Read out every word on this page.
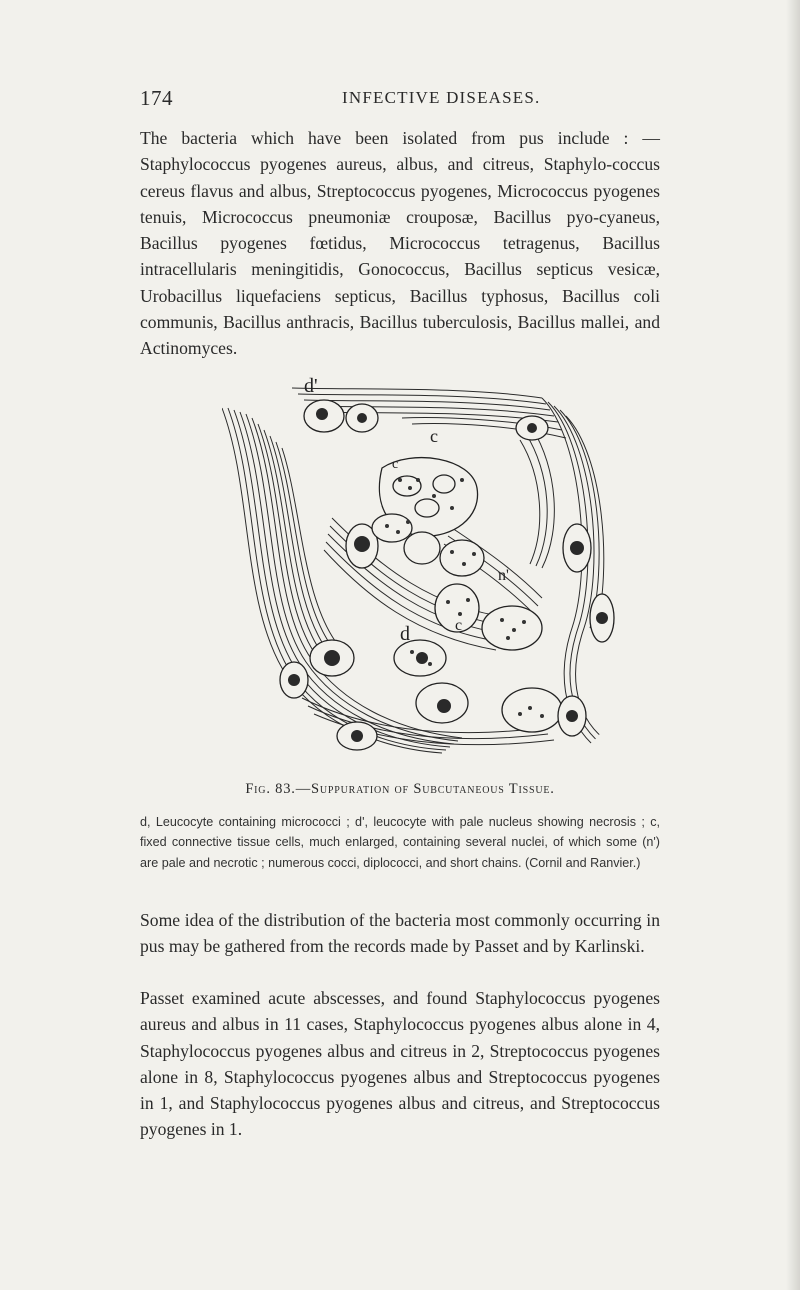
174	INFECTIVE DISEASES.

The bacteria which have been isolated from pus include : — Staphylococcus pyogenes aureus, albus, and citreus, Staphylo-coccus cereus flavus and albus, Streptococcus pyogenes, Micrococcus pyogenes tenuis, Micrococcus pneumoniæ crouposæ, Bacillus pyo-cyaneus, Bacillus pyogenes fœtidus, Micrococcus tetragenus, Bacillus intracellularis meningitidis, Gonococcus, Bacillus septicus vesicæ, Urobacillus liquefaciens septicus, Bacillus typhosus, Bacillus coli communis, Bacillus anthracis, Bacillus tuberculosis, Bacillus mallei, and Actinomyces.

d'
c
c
c
n'
d
Fig. 83.—Suppuration of Subcutaneous Tissue.

d, Leucocyte containing micrococci ; d', leucocyte with pale nucleus showing necrosis ; c, fixed connective tissue cells, much enlarged, containing several nuclei, of which some (n') are pale and necrotic ; numerous cocci, diplococci, and short chains. (Cornil and Ranvier.)

Some idea of the distribution of the bacteria most commonly occurring in pus may be gathered from the records made by Passet and by Karlinski.

Passet examined acute abscesses, and found Staphylococcus pyogenes aureus and albus in 11 cases, Staphylococcus pyogenes albus alone in 4, Staphylococcus pyogenes albus and citreus in 2, Streptococcus pyogenes alone in 8, Staphylococcus pyogenes albus and Streptococcus pyogenes in 1, and Staphylococcus pyogenes albus and citreus, and Streptococcus pyogenes in 1.
